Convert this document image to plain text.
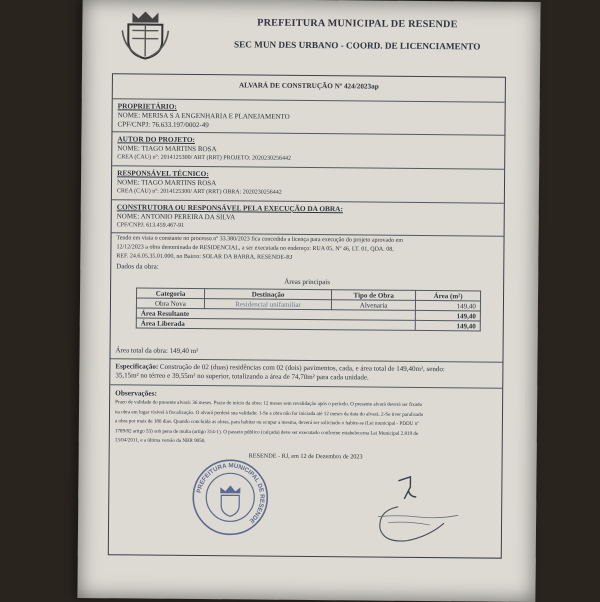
PREFEITURA MUNICIPAL DE RESENDE
SEC MUN DES URBANO - COORD. DE LICENCIAMENTO
ALVARÁ DE CONSTRUÇÃO Nº 424/2023ap
PROPRIETÁRIO:
NOME: MERISA S A ENGENHARIA E PLANEJAMENTO
CPF/CNPJ: 76.633.197/0002-49
AUTOR DO PROJETO:
NOME: TIAGO MARTINS ROSA
CREA (CAU) nº: 2014125300/ ART (RRT) PROJETO: 2020230256442
RESPONSÁVEL TÉCNICO:
NOME: TIAGO MARTINS ROSA
CREA (CAU) nº: 2014125300/ ART (RRT) OBRA: 2020230256442
CONSTRUTORA OU RESPONSÁVEL PELA EXECUÇÃO DA OBRA:
NOME: ANTONIO PEREIRA DA SILVA
CPF/CNPJ: 613.459.467-91
Tendo em vista o constante no processo nº 33.380/2023 fica concedida a licença para execução do projeto aprovado em
12/12/2023 a obra denominada de RESIDENCIAL, a ser executada no endereço: RUA 05, Nº 46, LT. 01, QDA. 08,
REF. 24.6.05.35.01.000, no Bairro: SOLAR DA BARRA, RESENDE-RJ
Dados da obra:
Áreas principais
Categoria	Destinação	Tipo de Obra	Área (m²)
Obra Nova	Residencial unifamiliar	Alvenaria	149,40
Área Resultante			149,40
Área Liberada			149,40
Área total da obra: 149,40 m²
Especificação: Construção de 02 (duas) residências com 02 (dois) pavimentos, cada, e área total de 149,40m², sendo:
35,15m² no térreo e 39,55m² no superior, totalizando a área de 74,70m² para cada unidade.
Observações:
Prazo de validade do presente alvará: 36 meses. Prazo de início da obra: 12 meses sem revalidação após o período. O presente alvará deverá ser fixado
na obra em lugar visível à fiscalização. O alvará perderá sua validade: 1-Se a obra não for iniciada até 12 meses da data do alvará. 2-Se tiver paralisado
a obra por mais de 180 dias. Quando concluída as obras, para habitar ou ocupar a mesma, deverá ser solicitado o habite-se (Lei municipal - PDDU nº
1789/82 artigo 53) sob pena de multa (artigo 314-1). O passeio público (calçada) deve ser executado conforme estabelecerna Lei Municipal 2.819 de
13/04/2011, e a última versão da NBR 9050.
RESENDE - RJ, em 12 de Dezembro de 2023
PREFEITURA MUNICIPAL DE RESENDE
